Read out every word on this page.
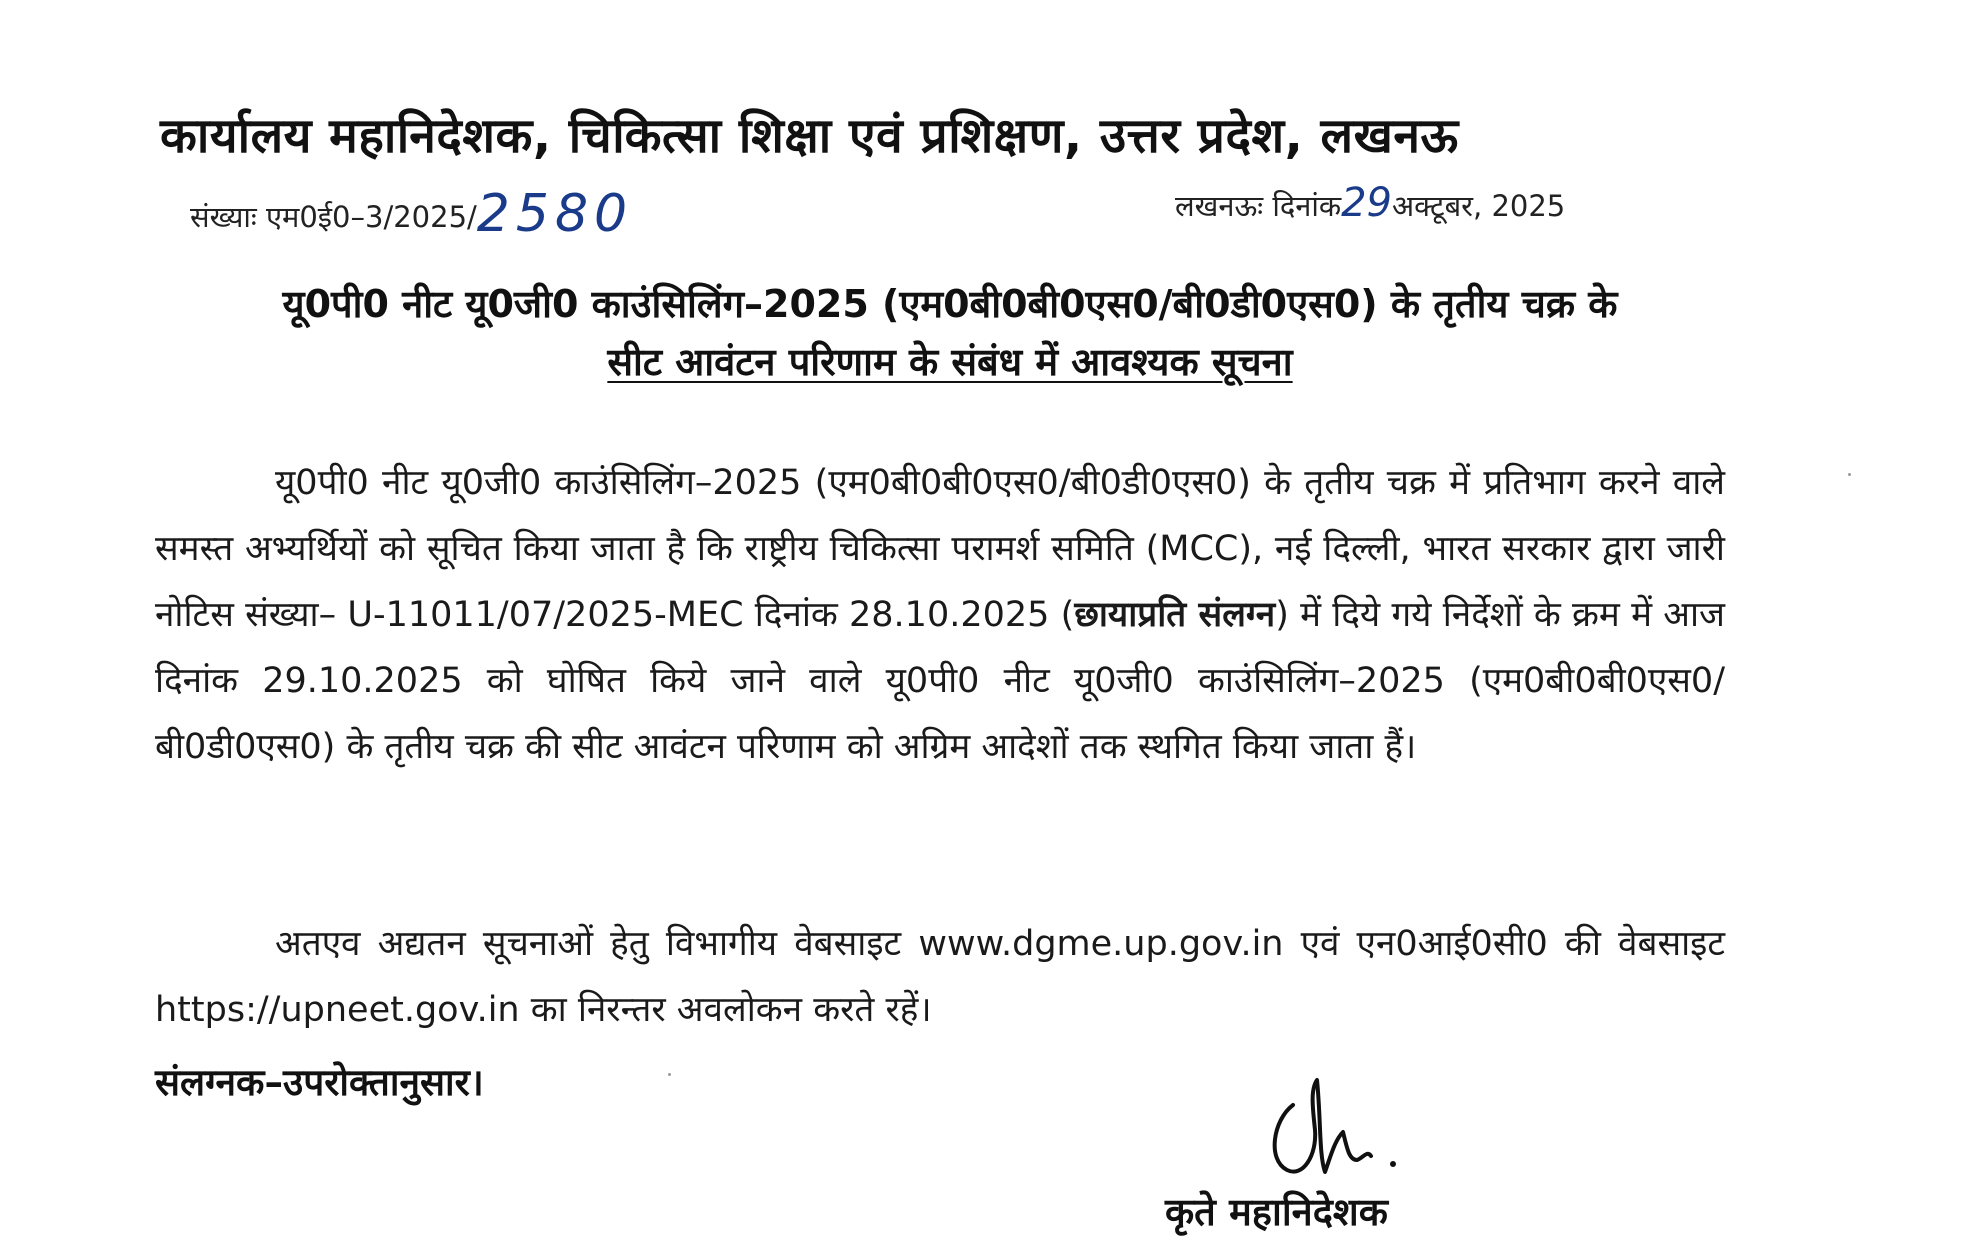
कार्यालय महानिदेशक, चिकित्सा शिक्षा एवं प्रशिक्षण, उत्तर प्रदेश, लखनऊ
संख्याः एम0ई0–3/2025/2580	लखनऊः दिनांक29अक्टूबर, 2025
यू0पी0 नीट यू0जी0 काउंसिलिंग–2025 (एम0बी0बी0एस0/बी0डी0एस0) के तृतीय चक्र के
सीट आवंटन परिणाम के संबंध में आवश्यक सूचना
यू0पी0 नीट यू0जी0 काउंसिलिंग–2025 (एम0बी0बी0एस0/बी0डी0एस0) के तृतीय चक्र में प्रतिभाग करने वाले समस्त अभ्यर्थियों को सूचित किया जाता है कि राष्ट्रीय चिकित्सा परामर्श समिति (MCC), नई दिल्ली, भारत सरकार द्वारा जारी नोटिस संख्या– U-11011/07/2025-MEC दिनांक 28.10.2025 (छायाप्रति संलग्न) में दिये गये निर्देशों के क्रम में आज दिनांक 29.10.2025 को घोषित किये जाने वाले यू0पी0 नीट यू0जी0 काउंसिलिंग–2025 (एम0बी0बी0एस0/बी0डी0एस0) के तृतीय चक्र की सीट आवंटन परिणाम को अग्रिम आदेशों तक स्थगित किया जाता हैं।
अतएव अद्यतन सूचनाओं हेतु विभागीय वेबसाइट www.dgme.up.gov.in एवं एन0आई0सी0 की वेबसाइट https://upneet.gov.in का निरन्तर अवलोकन करते रहें।
संलग्नक–उपरोक्तानुसार।
कृते महानिदेशक
